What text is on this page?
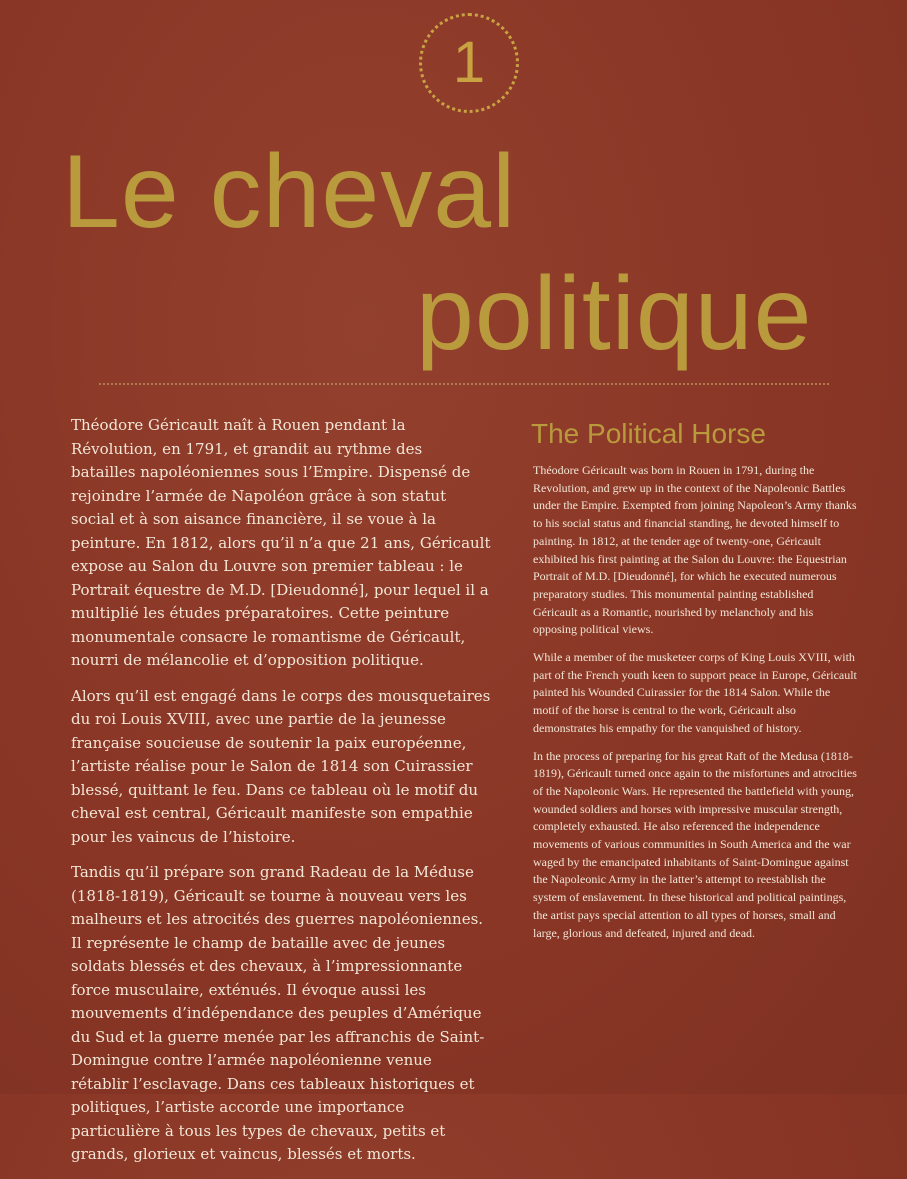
1
Le cheval
politique

Théodore Géricault naît à Rouen pendant la Révolution, en 1791, et grandit au rythme des batailles napoléoniennes sous l’Empire. Dispensé de rejoindre l’armée de Napoléon grâce à son statut social et à son aisance financière, il se voue à la peinture. En 1812, alors qu’il n’a que 21 ans, Géricault expose au Salon du Louvre son premier tableau : le Portrait équestre de M.D. [Dieudonné], pour lequel il a multiplié les études préparatoires. Cette peinture monumentale consacre le romantisme de Géricault, nourri de mélancolie et d’opposition politique.

Alors qu’il est engagé dans le corps des mousquetaires du roi Louis XVIII, avec une partie de la jeunesse française soucieuse de soutenir la paix européenne, l’artiste réalise pour le Salon de 1814 son Cuirassier blessé, quittant le feu. Dans ce tableau où le motif du cheval est central, Géricault manifeste son empathie pour les vaincus de l’histoire.

Tandis qu’il prépare son grand Radeau de la Méduse (1818-1819), Géricault se tourne à nouveau vers les malheurs et les atrocités des guerres napoléoniennes. Il représente le champ de bataille avec de jeunes soldats blessés et des chevaux, à l’impressionnante force musculaire, exténués. Il évoque aussi les mouvements d’indépendance des peuples d’Amérique du Sud et la guerre menée par les affranchis de Saint-Domingue contre l’armée napoléonienne venue rétablir l’esclavage. Dans ces tableaux historiques et politiques, l’artiste accorde une importance particulière à tous les types de chevaux, petits et grands, glorieux et vaincus, blessés et morts.

The Political Horse

Théodore Géricault was born in Rouen in 1791, during the Revolution, and grew up in the context of the Napoleonic Battles under the Empire. Exempted from joining Napoleon’s Army thanks to his social status and financial standing, he devoted himself to painting. In 1812, at the tender age of twenty-one, Géricault exhibited his first painting at the Salon du Louvre: the Equestrian Portrait of M.D. [Dieudonné], for which he executed numerous preparatory studies. This monumental painting established Géricault as a Romantic, nourished by melancholy and his opposing political views.

While a member of the musketeer corps of King Louis XVIII, with part of the French youth keen to support peace in Europe, Géricault painted his Wounded Cuirassier for the 1814 Salon. While the motif of the horse is central to the work, Géricault also demonstrates his empathy for the vanquished of history.

In the process of preparing for his great Raft of the Medusa (1818-1819), Géricault turned once again to the misfortunes and atrocities of the Napoleonic Wars. He represented the battlefield with young, wounded soldiers and horses with impressive muscular strength, completely exhausted. He also referenced the independence movements of various communities in South America and the war waged by the emancipated inhabitants of Saint-Domingue against the Napoleonic Army in the latter’s attempt to reestablish the system of enslavement. In these historical and political paintings, the artist pays special attention to all types of horses, small and large, glorious and defeated, injured and dead.
